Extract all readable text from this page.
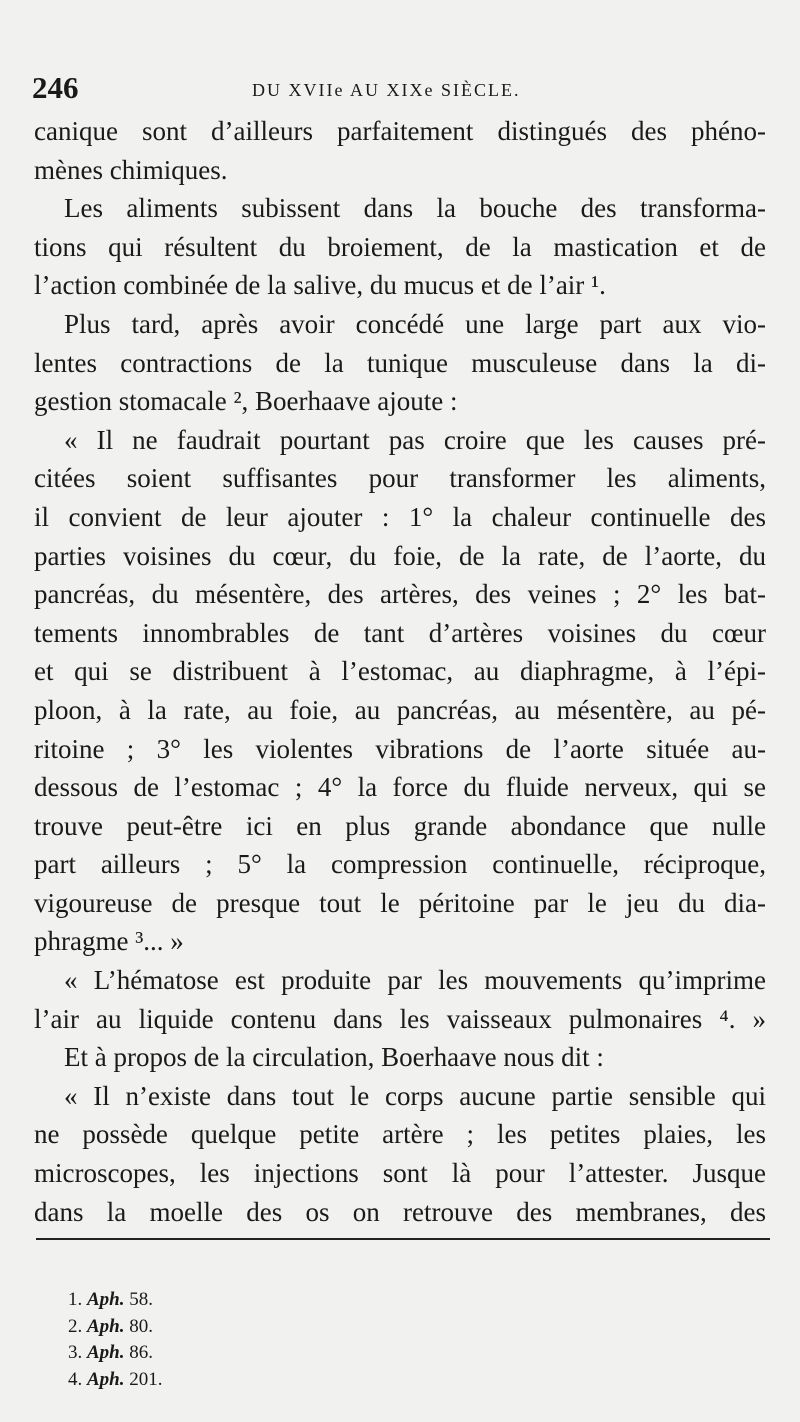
246	DU XVIIe AU XIXe SIÈCLE.
canique sont d’ailleurs parfaitement distingués des phéno-
mènes chimiques.
Les aliments subissent dans la bouche des transforma-
tions qui résultent du broiement, de la mastication et de
l’action combinée de la salive, du mucus et de l’air ¹.
Plus tard, après avoir concédé une large part aux vio-
lentes contractions de la tunique musculeuse dans la di-
gestion stomacale ², Boerhaave ajoute :
« Il ne faudrait pourtant pas croire que les causes pré-
citées soient suffisantes pour transformer les aliments,
il convient de leur ajouter : 1° la chaleur continuelle des
parties voisines du cœur, du foie, de la rate, de l’aorte, du
pancréas, du mésentère, des artères, des veines ; 2° les bat-
tements innombrables de tant d’artères voisines du cœur
et qui se distribuent à l’estomac, au diaphragme, à l’épi-
ploon, à la rate, au foie, au pancréas, au mésentère, au pé-
ritoine ; 3° les violentes vibrations de l’aorte située au-
dessous de l’estomac ; 4° la force du fluide nerveux, qui se
trouve peut-être ici en plus grande abondance que nulle
part ailleurs ; 5° la compression continuelle, réciproque,
vigoureuse de presque tout le péritoine par le jeu du dia-
phragme ³... »
« L’hématose est produite par les mouvements qu’imprime
l’air au liquide contenu dans les vaisseaux pulmonaires ⁴. »
Et à propos de la circulation, Boerhaave nous dit :
« Il n’existe dans tout le corps aucune partie sensible qui
ne possède quelque petite artère ; les petites plaies, les
microscopes, les injections sont là pour l’attester. Jusque
dans la moelle des os on retrouve des membranes, des
1. Aph. 58.
2. Aph. 80.
3. Aph. 86.
4. Aph. 201.
